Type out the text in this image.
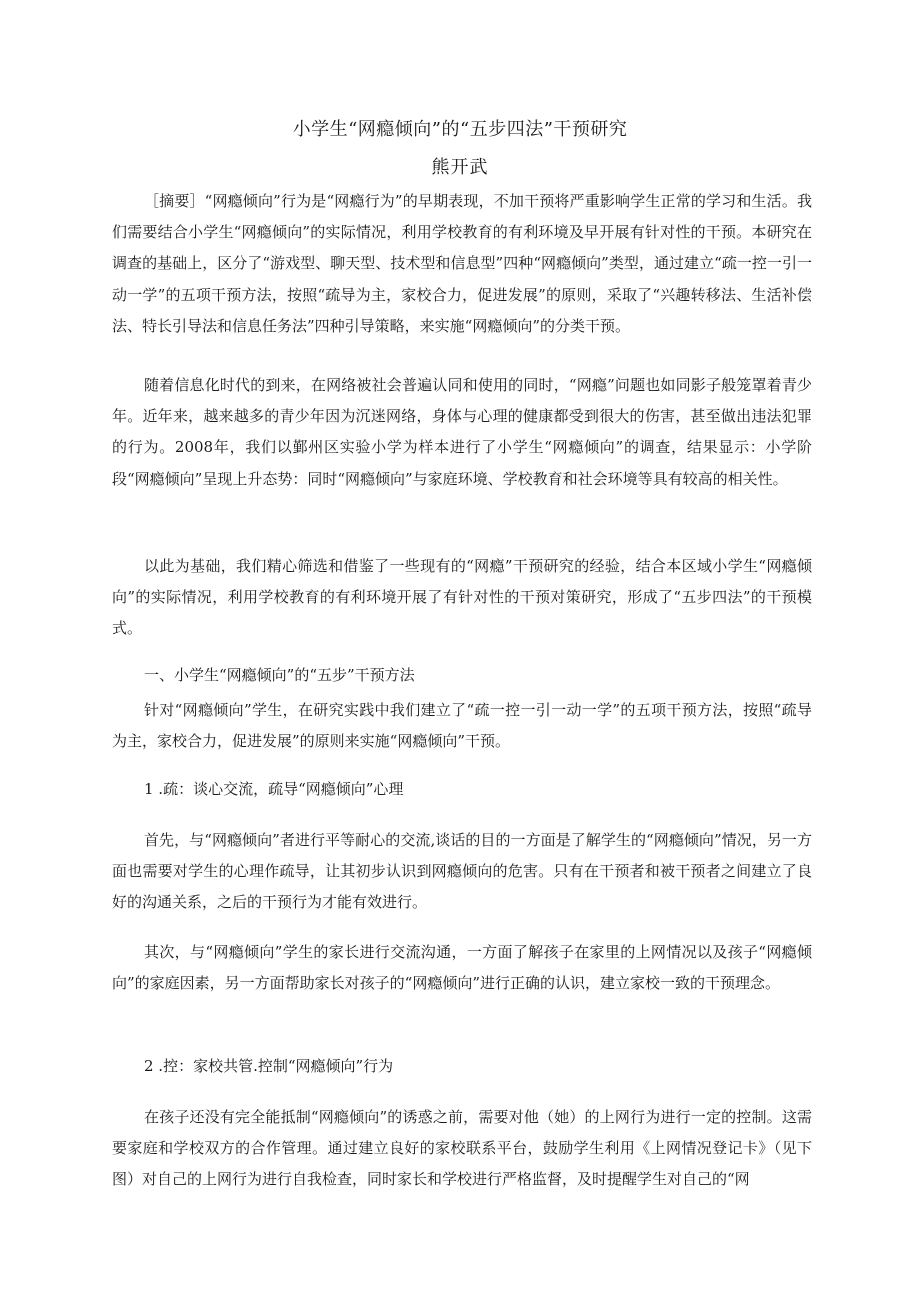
小学生“网瘾倾向”的“五步四法”干预研究
熊开武

［摘要］“网瘾倾向”行为是“网瘾行为”的早期表现，不加干预将严重影响学生正常的学习和生活。我们需要结合小学生“网瘾倾向”的实际情况，利用学校教育的有利环境及早开展有针对性的干预。本研究在调查的基础上，区分了“游戏型、聊天型、技术型和信息型”四种“网瘾倾向”类型，通过建立“疏一控一引一动一学”的五项干预方法，按照“疏导为主，家校合力，促进发展”的原则，采取了“兴趣转移法、生活补偿法、特长引导法和信息任务法”四种引导策略，来实施“网瘾倾向”的分类干预。

随着信息化时代的到来，在网络被社会普遍认同和使用的同时，“网瘾”问题也如同影子般笼罩着青少年。近年来，越来越多的青少年因为沉迷网络，身体与心理的健康都受到很大的伤害，甚至做出违法犯罪的行为。2008年，我们以鄞州区实验小学为样本进行了小学生“网瘾倾向”的调查，结果显示：小学阶段“网瘾倾向”呈现上升态势：同时“网瘾倾向”与家庭环境、学校教育和社会环境等具有较高的相关性。

以此为基础，我们精心筛选和借鉴了一些现有的“网瘾”干预研究的经验，结合本区域小学生“网瘾倾向”的实际情况，利用学校教育的有利环境开展了有针对性的干预对策研究，形成了“五步四法”的干预模式。

一、小学生“网瘾倾向”的“五步”干预方法

针对“网瘾倾向”学生，在研究实践中我们建立了“疏一控一引一动一学”的五项干预方法，按照“疏导为主，家校合力，促进发展”的原则来实施“网瘾倾向”干预。

1 .疏：谈心交流，疏导“网瘾倾向”心理

首先，与“网瘾倾向”者进行平等耐心的交流,谈话的目的一方面是了解学生的“网瘾倾向”情况，另一方面也需要对学生的心理作疏导，让其初步认识到网瘾倾向的危害。只有在干预者和被干预者之间建立了良好的沟通关系，之后的干预行为才能有效进行。

其次，与“网瘾倾向”学生的家长进行交流沟通，一方面了解孩子在家里的上网情况以及孩子“网瘾倾向”的家庭因素，另一方面帮助家长对孩子的“网瘾倾向”进行正确的认识，建立家校一致的干预理念。

2 .控：家校共管.控制“网瘾倾向”行为

在孩子还没有完全能抵制“网瘾倾向”的诱惑之前，需要对他（她）的上网行为进行一定的控制。这需要家庭和学校双方的合作管理。通过建立良好的家校联系平台，鼓励学生利用《上网情况登记卡》（见下图）对自己的上网行为进行自我检查，同时家长和学校进行严格监督，及时提醒学生对自己的“网
